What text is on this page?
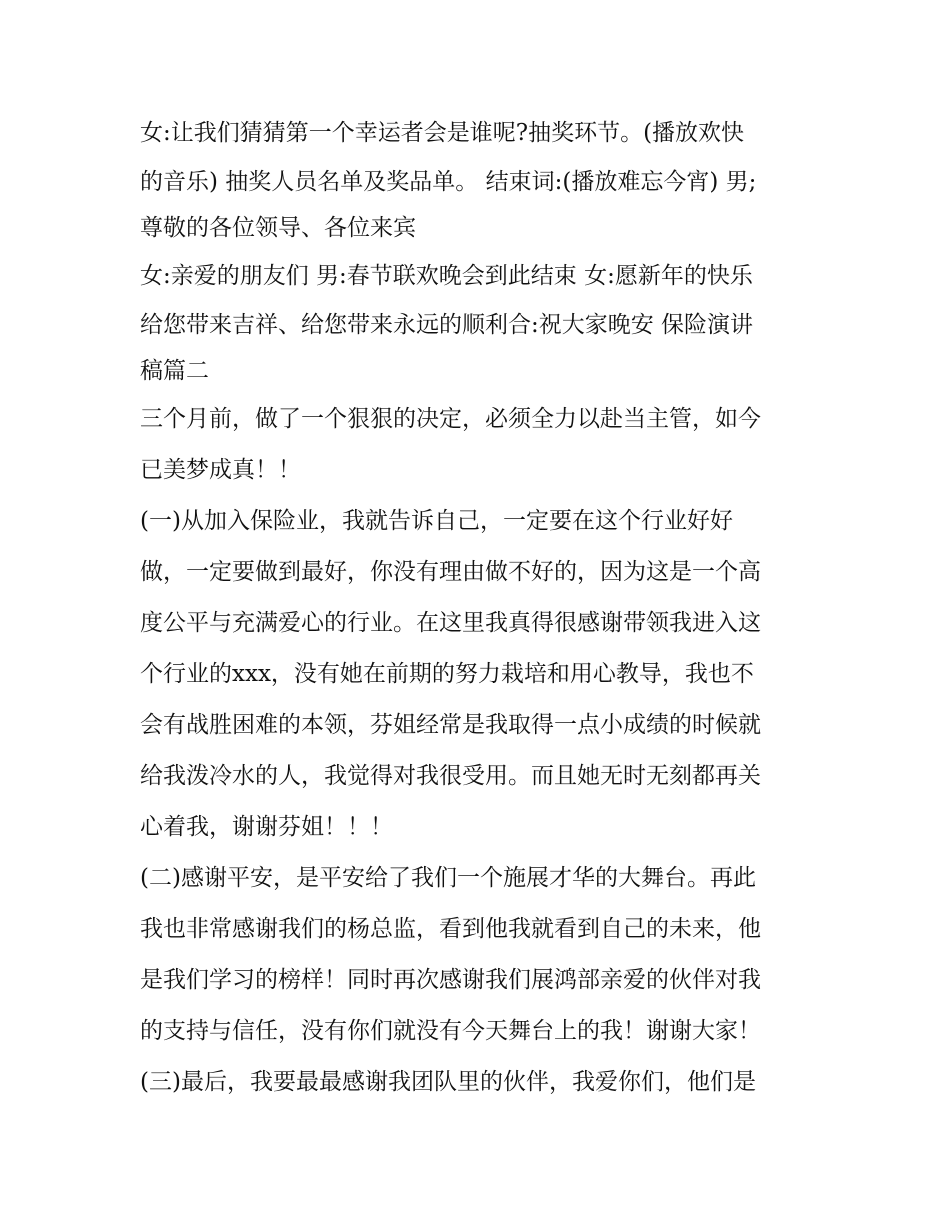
女:让我们猜猜第一个幸运者会是谁呢?抽奖环节。(播放欢快
的音乐) 抽奖人员名单及奖品单。 结束词:(播放难忘今宵) 男;
尊敬的各位领导、各位来宾
女:亲爱的朋友们 男:春节联欢晚会到此结束 女:愿新年的快乐
给您带来吉祥、给您带来永远的顺利合:祝大家晚安 保险演讲
稿篇二
三个月前，做了一个狠狠的决定，必须全力以赴当主管，如今
已美梦成真！！
(一)从加入保险业，我就告诉自己，一定要在这个行业好好
做，一定要做到最好，你没有理由做不好的，因为这是一个高
度公平与充满爱心的行业。在这里我真得很感谢带领我进入这
个行业的xxx，没有她在前期的努力栽培和用心教导，我也不
会有战胜困难的本领，芬姐经常是我取得一点小成绩的时候就
给我泼冷水的人，我觉得对我很受用。而且她无时无刻都再关
心着我，谢谢芬姐！！！
(二)感谢平安，是平安给了我们一个施展才华的大舞台。再此
我也非常感谢我们的杨总监，看到他我就看到自己的未来，他
是我们学习的榜样！同时再次感谢我们展鸿部亲爱的伙伴对我
的支持与信任，没有你们就没有今天舞台上的我！谢谢大家！
(三)最后，我要最最感谢我团队里的伙伴，我爱你们，他们是
